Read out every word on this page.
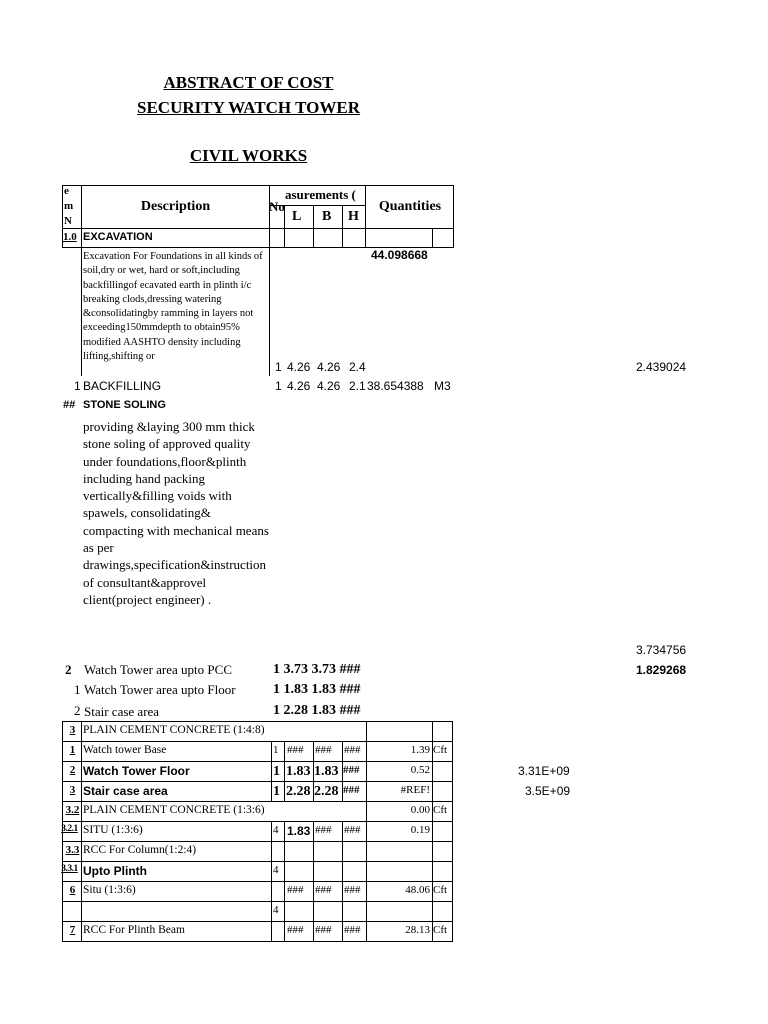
ABSTRACT OF COST
SECURITY WATCH TOWER
CIVIL WORKS
e
m
N
Description	No
asurements (
L B H
Quantities
1.0 EXCAVATION
Excavation For Foundations in all kinds of soil,dry or wet, hard or soft,including backfillingof ecavated earth in plinth i/c breaking clods,dressing watering &consolidatingby ramming in layers not exceeding150mmdepth to obtain95% modified AASHTO density including lifting,shifting or
44.098668
1 4.26 4.26 2.4	2.439024
1 BACKFILLING	1 4.26 4.26 2.1 38.654388 M3
## STONE SOLING
providing &laying 300 mm thick stone soling of approved quality under foundations,floor&plinth including hand packing vertically&filling voids with spawels, consolidating& compacting with mechanical means as per drawings,specification&instruction of consultant&approvel client(project engineer) .
3.734756
2 Watch Tower area upto PCC	1 3.73 3.73 ###	1.829268
1 Watch Tower area upto Floor	1 1.83 1.83 ###
2 Stair case area	1 2.28 1.83 ###
3 PLAIN CEMENT CONCRETE (1:4:8)
1 Watch tower Base	1 ### ### ###	1.39 Cft
2 Watch Tower Floor	1 1.83 1.83 ###	0.52	3.31E+09
3 Stair case area	1 2.28 2.28 ###	#REF!	3.5E+09
3.2 PLAIN CEMENT CONCRETE (1:3:6)	0.00 Cft
3.2.1 SITU (1:3:6)	4 1.83 ### ###	0.19
3.3 RCC For Column(1:2:4)
3.3.1 Upto Plinth	4
6 Situ (1:3:6)	### ### ###	48.06 Cft
4
7 RCC For Plinth Beam	### ### ###	28.13 Cft
